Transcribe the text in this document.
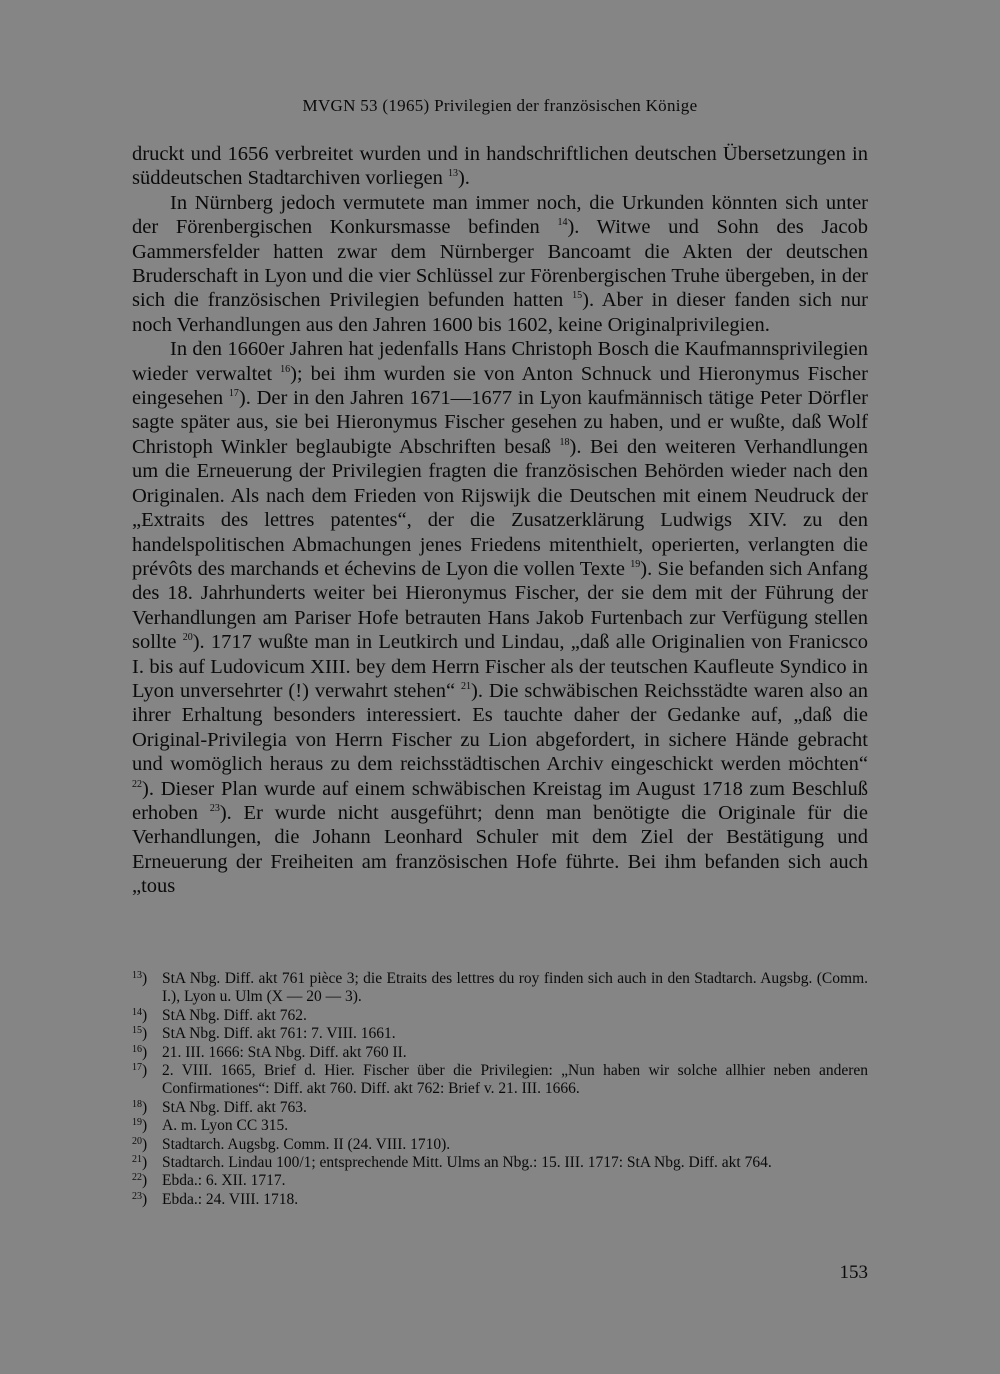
MVGN 53 (1965) Privilegien der französischen Könige

druckt und 1656 verbreitet wurden und in handschriftlichen deutschen Übersetzungen in süddeutschen Stadtarchiven vorliegen $^{13}$).

In Nürnberg jedoch vermutete man immer noch, die Urkunden könnten sich unter der Förenbergischen Konkursmasse befinden $^{14}$). Witwe und Sohn des Jacob Gammersfelder hatten zwar dem Nürnberger Bancoamt die Akten der deutschen Bruderschaft in Lyon und die vier Schlüssel zur Förenbergischen Truhe übergeben, in der sich die französischen Privilegien befunden hatten $^{15}$). Aber in dieser fanden sich nur noch Verhandlungen aus den Jahren 1600 bis 1602, keine Originalprivilegien.

In den 1660er Jahren hat jedenfalls Hans Christoph Bosch die Kaufmannsprivilegien wieder verwaltet $^{16}$); bei ihm wurden sie von Anton Schnuck und Hieronymus Fischer eingesehen $^{17}$). Der in den Jahren 1671—1677 in Lyon kaufmännisch tätige Peter Dörfler sagte später aus, sie bei Hieronymus Fischer gesehen zu haben, und er wußte, daß Wolf Christoph Winkler beglaubigte Abschriften besaß $^{18}$). Bei den weiteren Verhandlungen um die Erneuerung der Privilegien fragten die französischen Behörden wieder nach den Originalen. Als nach dem Frieden von Rijswijk die Deutschen mit einem Neudruck der „Extraits des lettres patentes“, der die Zusatzerklärung Ludwigs XIV. zu den handelspolitischen Abmachungen jenes Friedens mitenthielt, operierten, verlangten die prévôts des marchands et échevins de Lyon die vollen Texte $^{19}$). Sie befanden sich Anfang des 18. Jahrhunderts weiter bei Hieronymus Fischer, der sie dem mit der Führung der Verhandlungen am Pariser Hofe betrauten Hans Jakob Furtenbach zur Verfügung stellen sollte $^{20}$). 1717 wußte man in Leutkirch und Lindau, „daß alle Originalien von Franicsco I. bis auf Ludovicum XIII. bey dem Herrn Fischer als der teutschen Kaufleute Syndico in Lyon unversehrter (!) verwahrt stehen“ $^{21}$). Die schwäbischen Reichsstädte waren also an ihrer Erhaltung besonders interessiert. Es tauchte daher der Gedanke auf, „daß die Original-Privilegia von Herrn Fischer zu Lion abgefordert, in sichere Hände gebracht und womöglich heraus zu dem reichsstädtischen Archiv eingeschickt werden möchten“ $^{22}$). Dieser Plan wurde auf einem schwäbischen Kreistag im August 1718 zum Beschluß erhoben $^{23}$). Er wurde nicht ausgeführt; denn man benötigte die Originale für die Verhandlungen, die Johann Leonhard Schuler mit dem Ziel der Bestätigung und Erneuerung der Freiheiten am französischen Hofe führte. Bei ihm befanden sich auch „tous

$^{13}$) StA Nbg. Diff. akt 761 pièce 3; die Etraits des lettres du roy finden sich auch in den Stadtarch. Augsbg. (Comm. I.), Lyon u. Ulm (X — 20 — 3).
$^{14}$) StA Nbg. Diff. akt 762.
$^{15}$) StA Nbg. Diff. akt 761: 7. VIII. 1661.
$^{16}$) 21. III. 1666: StA Nbg. Diff. akt 760 II.
$^{17}$) 2. VIII. 1665, Brief d. Hier. Fischer über die Privilegien: „Nun haben wir solche allhier neben anderen Confirmationes“: Diff. akt 760. Diff. akt 762: Brief v. 21. III. 1666.
$^{18}$) StA Nbg. Diff. akt 763.
$^{19}$) A. m. Lyon CC 315.
$^{20}$) Stadtarch. Augsbg. Comm. II (24. VIII. 1710).
$^{21}$) Stadtarch. Lindau 100/1; entsprechende Mitt. Ulms an Nbg.: 15. III. 1717: StA Nbg. Diff. akt 764.
$^{22}$) Ebda.: 6. XII. 1717.
$^{23}$) Ebda.: 24. VIII. 1718.
153
